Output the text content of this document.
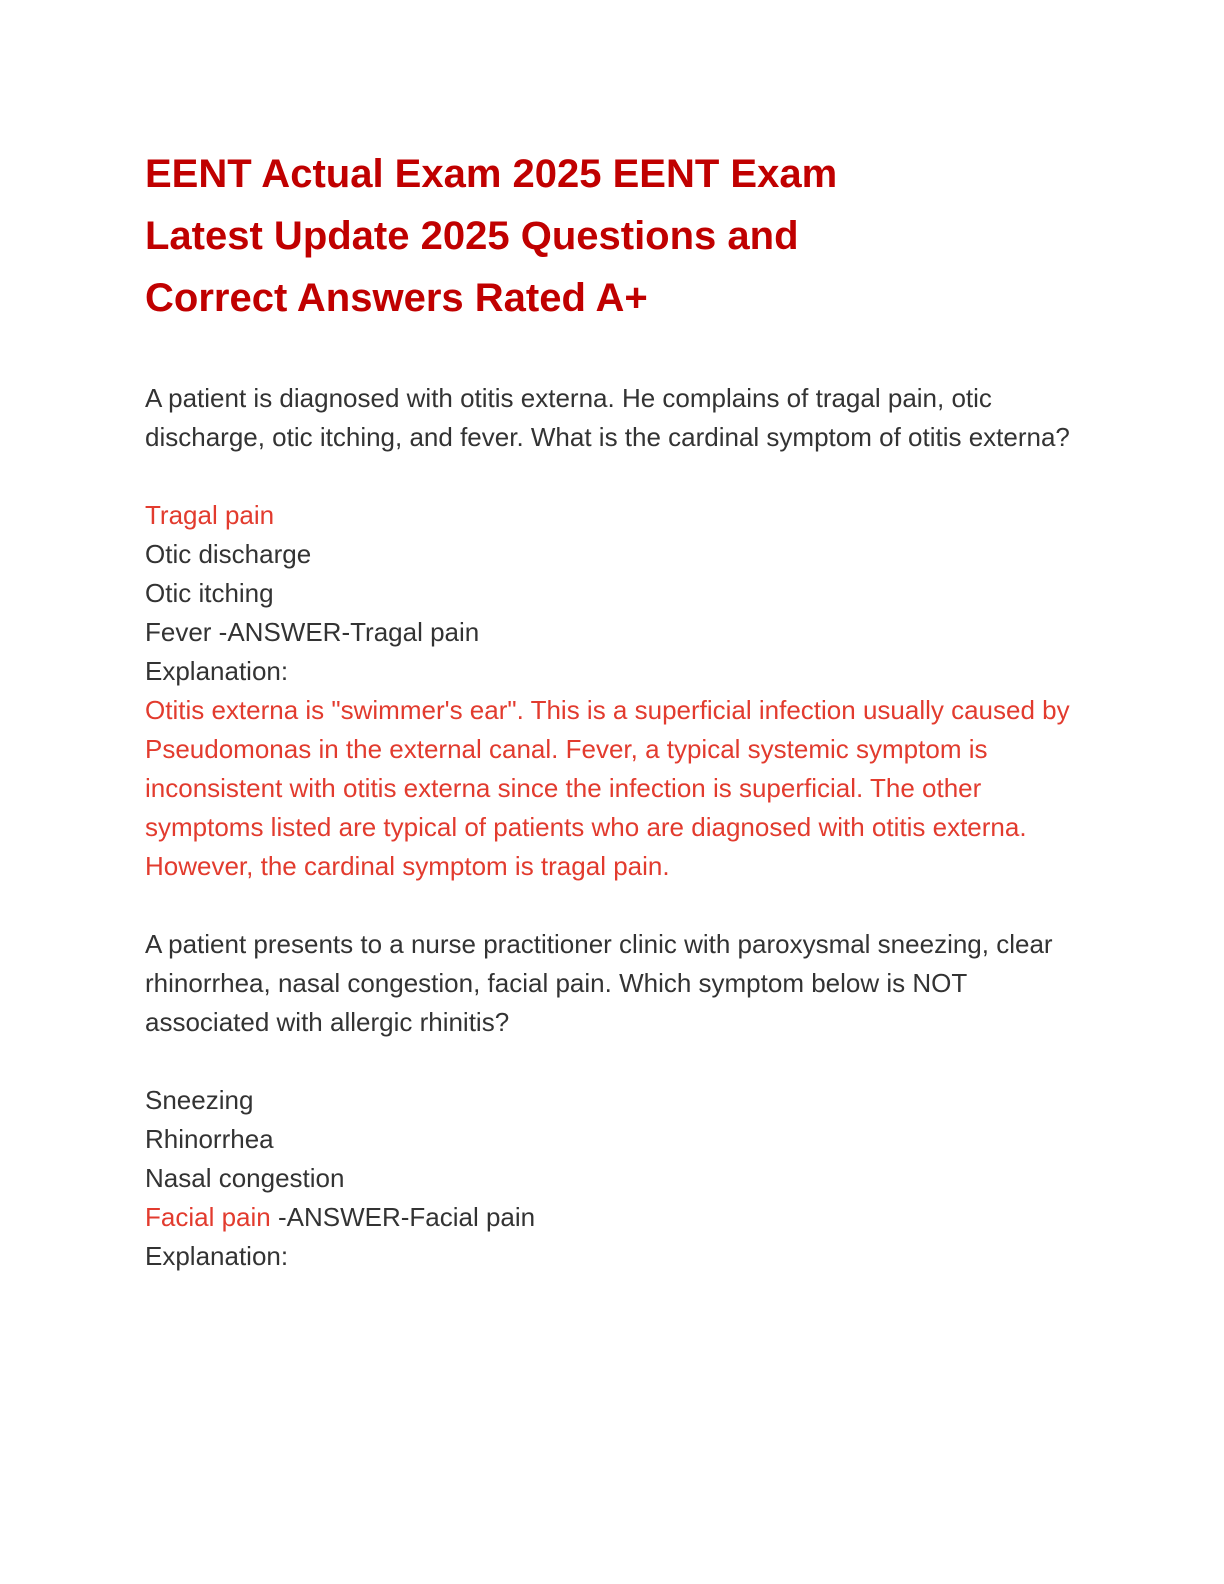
EENT Actual Exam 2025 EENT Exam
Latest Update 2025 Questions and
Correct Answers Rated A+

A patient is diagnosed with otitis externa. He complains of tragal pain, otic discharge, otic itching, and fever. What is the cardinal symptom of otitis externa?

Tragal pain
Otic discharge
Otic itching
Fever -ANSWER-Tragal pain
Explanation:

Otitis externa is "swimmer's ear". This is a superficial infection usually caused by Pseudomonas in the external canal. Fever, a typical systemic symptom is inconsistent with otitis externa since the infection is superficial. The other symptoms listed are typical of patients who are diagnosed with otitis externa. However, the cardinal symptom is tragal pain.

A patient presents to a nurse practitioner clinic with paroxysmal sneezing, clear rhinorrhea, nasal congestion, facial pain. Which symptom below is NOT associated with allergic rhinitis?

Sneezing
Rhinorrhea
Nasal congestion
Facial pain -ANSWER-Facial pain
Explanation:
